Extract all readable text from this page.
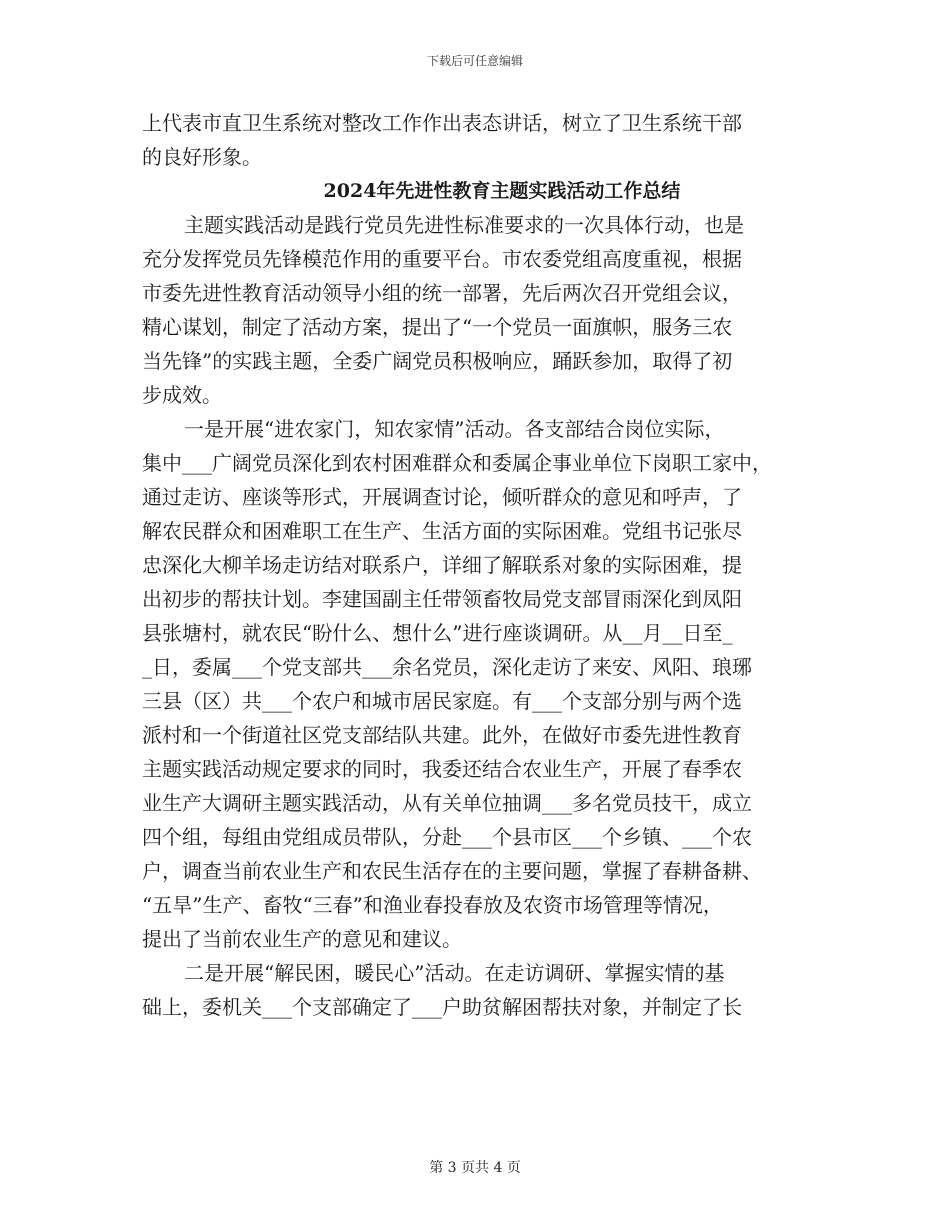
下载后可任意编辑
上代表市直卫生系统对整改工作作出表态讲话，树立了卫生系统干部
的良好形象。
2024年先进性教育主题实践活动工作总结
主题实践活动是践行党员先进性标准要求的一次具体行动，也是
充分发挥党员先锋模范作用的重要平台。市农委党组高度重视，根据
市委先进性教育活动领导小组的统一部署，先后两次召开党组会议，
精心谋划，制定了活动方案，提出了“一个党员一面旗帜，服务三农
当先锋”的实践主题，全委广阔党员积极响应，踊跃参加，取得了初
步成效。
一是开展“进农家门，知农家情”活动。各支部结合岗位实际，
集中___广阔党员深化到农村困难群众和委属企事业单位下岗职工家中，
通过走访、座谈等形式，开展调查讨论，倾听群众的意见和呼声，了
解农民群众和困难职工在生产、生活方面的实际困难。党组书记张尽
忠深化大柳羊场走访结对联系户，详细了解联系对象的实际困难，提
出初步的帮扶计划。李建国副主任带领畜牧局党支部冒雨深化到凤阳
县张塘村，就农民“盼什么、想什么”进行座谈调研。从__月__日至_
_日，委属___个党支部共___余名党员，深化走访了来安、风阳、琅琊
三县（区）共___个农户和城市居民家庭。有___个支部分别与两个选
派村和一个街道社区党支部结队共建。此外，在做好市委先进性教育
主题实践活动规定要求的同时，我委还结合农业生产，开展了春季农
业生产大调研主题实践活动，从有关单位抽调___多名党员技干，成立
四个组，每组由党组成员带队，分赴___个县市区___个乡镇、___个农
户，调查当前农业生产和农民生活存在的主要问题，掌握了春耕备耕、
“五旱”生产、畜牧“三春”和渔业春投春放及农资市场管理等情况，
提出了当前农业生产的意见和建议。
二是开展“解民困，暖民心”活动。在走访调研、掌握实情的基
础上，委机关___个支部确定了___户助贫解困帮扶对象，并制定了长
第 3 页共 4 页
